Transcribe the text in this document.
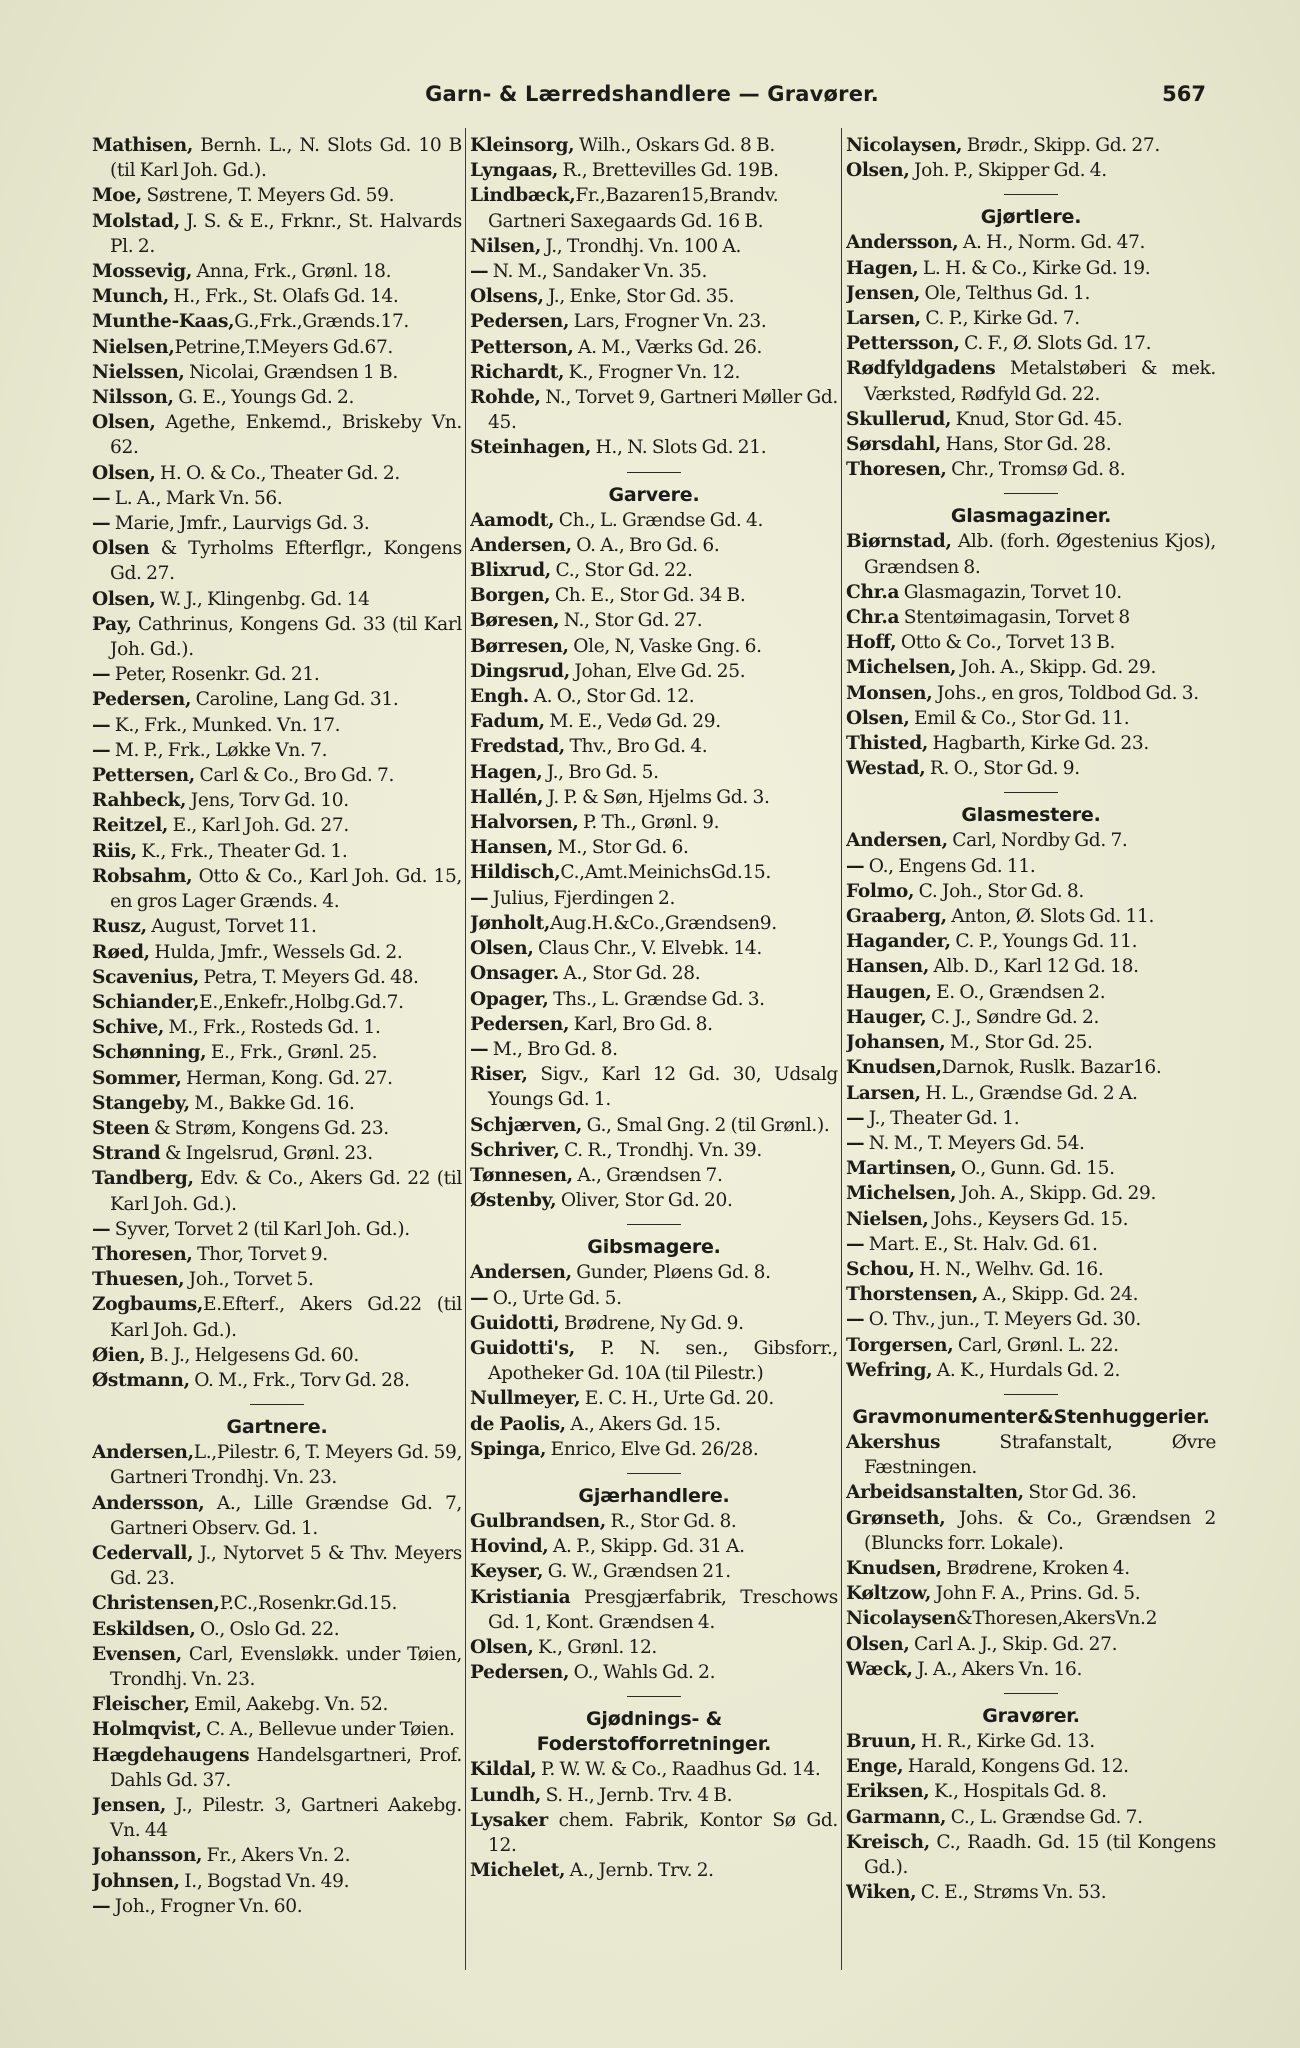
Garn- & Lærredshandlere — Gravører.	567
Mathisen, Bernh. L., N. Slots Gd. 10 B (til Karl Joh. Gd.).
Moe, Søstrene, T. Meyers Gd. 59.
Molstad, J. S. & E., Frknr., St. Halvards Pl. 2.
Mossevig, Anna, Frk., Grønl. 18.
Munch, H., Frk., St. Olafs Gd. 14.
Munthe-Kaas,G.,Frk.,Grænds.17.
Nielsen,Petrine,T.Meyers Gd.67.
Nielssen, Nicolai, Grændsen 1 B.
Nilsson, G. E., Youngs Gd. 2.
Olsen, Agethe, Enkemd., Briskeby Vn. 62.
Olsen, H. O. & Co., Theater Gd. 2.
— L. A., Mark Vn. 56.
— Marie, Jmfr., Laurvigs Gd. 3.
Olsen & Tyrholms Efterflgr., Kongens Gd. 27.
Olsen, W. J., Klingenbg. Gd. 14
Pay, Cathrinus, Kongens Gd. 33 (til Karl Joh. Gd.).
— Peter, Rosenkr. Gd. 21.
Pedersen, Caroline, Lang Gd. 31.
— K., Frk., Munked. Vn. 17.
— M. P., Frk., Løkke Vn. 7.
Pettersen, Carl & Co., Bro Gd. 7.
Rahbeck, Jens, Torv Gd. 10.
Reitzel, E., Karl Joh. Gd. 27.
Riis, K., Frk., Theater Gd. 1.
Robsahm, Otto & Co., Karl Joh. Gd. 15, en gros Lager Grænds. 4.
Rusz, August, Torvet 11.
Røed, Hulda, Jmfr., Wessels Gd. 2.
Scavenius, Petra, T. Meyers Gd. 48.
Schiander,E.,Enkefr.,Holbg.Gd.7.
Schive, M., Frk., Rosteds Gd. 1.
Schønning, E., Frk., Grønl. 25.
Sommer, Herman, Kong. Gd. 27.
Stangeby, M., Bakke Gd. 16.
Steen & Strøm, Kongens Gd. 23.
Strand & Ingelsrud, Grønl. 23.
Tandberg, Edv. & Co., Akers Gd. 22 (til Karl Joh. Gd.).
— Syver, Torvet 2 (til Karl Joh. Gd.).
Thoresen, Thor, Torvet 9.
Thuesen, Joh., Torvet 5.
Zogbaums,E.Efterf., Akers Gd.22 (til Karl Joh. Gd.).
Øien, B. J., Helgesens Gd. 60.
Østmann, O. M., Frk., Torv Gd. 28.
Gartnere.
Andersen,L.,Pilestr. 6, T. Meyers Gd. 59, Gartneri Trondhj. Vn. 23.
Andersson, A., Lille Grændse Gd. 7, Gartneri Observ. Gd. 1.
Cedervall, J., Nytorvet 5 & Thv. Meyers Gd. 23.
Christensen,P.C.,Rosenkr.Gd.15.
Eskildsen, O., Oslo Gd. 22.
Evensen, Carl, Evensløkk. under Tøien, Trondhj. Vn. 23.
Fleischer, Emil, Aakebg. Vn. 52.
Holmqvist, C. A., Bellevue under Tøien.
Hægdehaugens Handelsgartneri, Prof. Dahls Gd. 37.
Jensen, J., Pilestr. 3, Gartneri Aakebg. Vn. 44
Johansson, Fr., Akers Vn. 2.
Johnsen, I., Bogstad Vn. 49.
— Joh., Frogner Vn. 60.
Kleinsorg, Wilh., Oskars Gd. 8 B.
Lyngaas, R., Brettevilles Gd. 19B.
Lindbæck,Fr.,Bazaren15,Brandv. Gartneri Saxegaards Gd. 16 B.
Nilsen, J., Trondhj. Vn. 100 A.
— N. M., Sandaker Vn. 35.
Olsens, J., Enke, Stor Gd. 35.
Pedersen, Lars, Frogner Vn. 23.
Petterson, A. M., Værks Gd. 26.
Richardt, K., Frogner Vn. 12.
Rohde, N., Torvet 9, Gartneri Møller Gd. 45.
Steinhagen, H., N. Slots Gd. 21.
Garvere.
Aamodt, Ch., L. Grændse Gd. 4.
Andersen, O. A., Bro Gd. 6.
Blixrud, C., Stor Gd. 22.
Borgen, Ch. E., Stor Gd. 34 B.
Børesen, N., Stor Gd. 27.
Børresen, Ole, N, Vaske Gng. 6.
Dingsrud, Johan, Elve Gd. 25.
Engh. A. O., Stor Gd. 12.
Fadum, M. E., Vedø Gd. 29.
Fredstad, Thv., Bro Gd. 4.
Hagen, J., Bro Gd. 5.
Hallén, J. P. & Søn, Hjelms Gd. 3.
Halvorsen, P. Th., Grønl. 9.
Hansen, M., Stor Gd. 6.
Hildisch,C.,Amt.MeinichsGd.15.
— Julius, Fjerdingen 2.
Jønholt,Aug.H.&Co.,Grændsen9.
Olsen, Claus Chr., V. Elvebk. 14.
Onsager. A., Stor Gd. 28.
Opager, Ths., L. Grændse Gd. 3.
Pedersen, Karl, Bro Gd. 8.
— M., Bro Gd. 8.
Riser, Sigv., Karl 12 Gd. 30, Udsalg Youngs Gd. 1.
Schjærven, G., Smal Gng. 2 (til Grønl.).
Schriver, C. R., Trondhj. Vn. 39.
Tønnesen, A., Grændsen 7.
Østenby, Oliver, Stor Gd. 20.
Gibsmagere.
Andersen, Gunder, Pløens Gd. 8.
— O., Urte Gd. 5.
Guidotti, Brødrene, Ny Gd. 9.
Guidotti's, P. N. sen., Gibsforr., Apotheker Gd. 10A (til Pilestr.)
Nullmeyer, E. C. H., Urte Gd. 20.
de Paolis, A., Akers Gd. 15.
Spinga, Enrico, Elve Gd. 26/28.
Gjærhandlere.
Gulbrandsen, R., Stor Gd. 8.
Hovind, A. P., Skipp. Gd. 31 A.
Keyser, G. W., Grændsen 21.
Kristiania Presgjærfabrik, Treschows Gd. 1, Kont. Grændsen 4.
Olsen, K., Grønl. 12.
Pedersen, O., Wahls Gd. 2.
Gjødnings- & Foderstofforretninger.
Kildal, P. W. W. & Co., Raadhus Gd. 14.
Lundh, S. H., Jernb. Trv. 4 B.
Lysaker chem. Fabrik, Kontor Sø Gd. 12.
Michelet, A., Jernb. Trv. 2.
Nicolaysen, Brødr., Skipp. Gd. 27.
Olsen, Joh. P., Skipper Gd. 4.
Gjørtlere.
Andersson, A. H., Norm. Gd. 47.
Hagen, L. H. & Co., Kirke Gd. 19.
Jensen, Ole, Telthus Gd. 1.
Larsen, C. P., Kirke Gd. 7.
Pettersson, C. F., Ø. Slots Gd. 17.
Rødfyldgadens Metalstøberi & mek. Værksted, Rødfyld Gd. 22.
Skullerud, Knud, Stor Gd. 45.
Sørsdahl, Hans, Stor Gd. 28.
Thoresen, Chr., Tromsø Gd. 8.
Glasmagaziner.
Biørnstad, Alb. (forh. Øgestenius Kjos), Grændsen 8.
Chr.a Glasmagazin, Torvet 10.
Chr.a Stentøimagasin, Torvet 8
Hoff, Otto & Co., Torvet 13 B.
Michelsen, Joh. A., Skipp. Gd. 29.
Monsen, Johs., en gros, Toldbod Gd. 3.
Olsen, Emil & Co., Stor Gd. 11.
Thisted, Hagbarth, Kirke Gd. 23.
Westad, R. O., Stor Gd. 9.
Glasmestere.
Andersen, Carl, Nordby Gd. 7.
— O., Engens Gd. 11.
Folmo, C. Joh., Stor Gd. 8.
Graaberg, Anton, Ø. Slots Gd. 11.
Hagander, C. P., Youngs Gd. 11.
Hansen, Alb. D., Karl 12 Gd. 18.
Haugen, E. O., Grændsen 2.
Hauger, C. J., Søndre Gd. 2.
Johansen, M., Stor Gd. 25.
Knudsen,Darnok, Ruslk. Bazar16.
Larsen, H. L., Grændse Gd. 2 A.
— J., Theater Gd. 1.
— N. M., T. Meyers Gd. 54.
Martinsen, O., Gunn. Gd. 15.
Michelsen, Joh. A., Skipp. Gd. 29.
Nielsen, Johs., Keysers Gd. 15.
— Mart. E., St. Halv. Gd. 61.
Schou, H. N., Welhv. Gd. 16.
Thorstensen, A., Skipp. Gd. 24.
— O. Thv., jun., T. Meyers Gd. 30.
Torgersen, Carl, Grønl. L. 22.
Wefring, A. K., Hurdals Gd. 2.
Gravmonumenter&Stenhuggerier.
Akershus Strafanstalt, Øvre Fæstningen.
Arbeidsanstalten, Stor Gd. 36.
Grønseth, Johs. & Co., Grændsen 2 (Bluncks forr. Lokale).
Knudsen, Brødrene, Kroken 4.
Køltzow, John F. A., Prins. Gd. 5.
Nicolaysen&Thoresen,AkersVn.2
Olsen, Carl A. J., Skip. Gd. 27.
Wæck, J. A., Akers Vn. 16.
Gravører.
Bruun, H. R., Kirke Gd. 13.
Enge, Harald, Kongens Gd. 12.
Eriksen, K., Hospitals Gd. 8.
Garmann, C., L. Grændse Gd. 7.
Kreisch, C., Raadh. Gd. 15 (til Kongens Gd.).
Wiken, C. E., Strøms Vn. 53.
